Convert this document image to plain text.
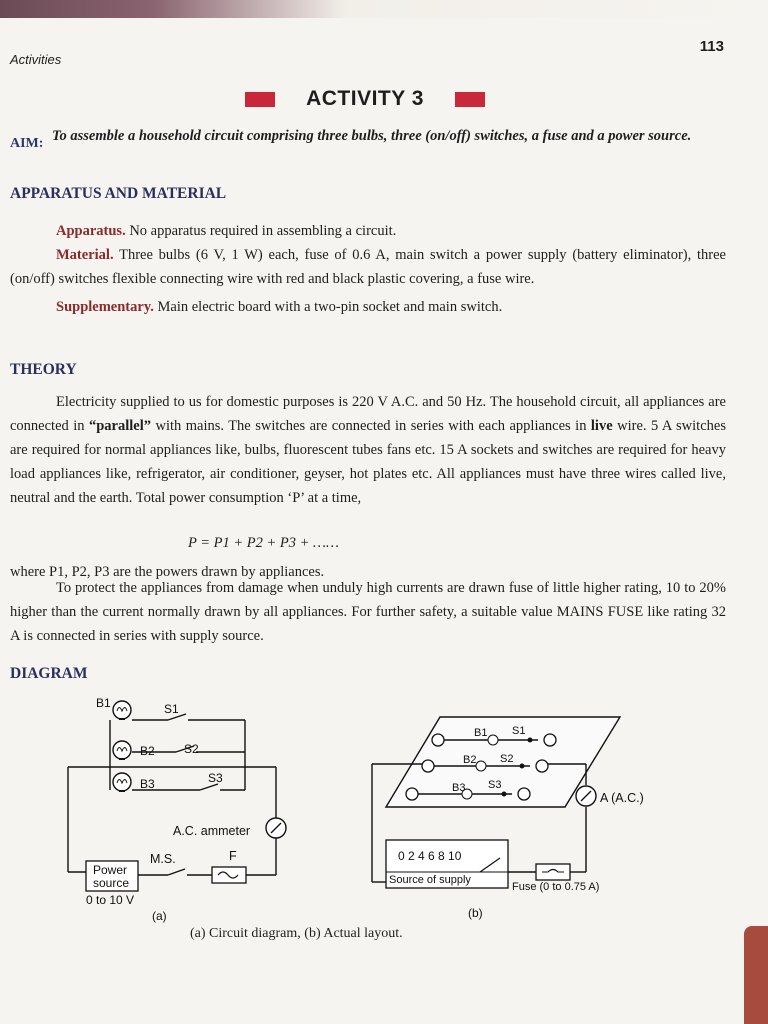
113
Activities
ACTIVITY 3
AIM: To assemble a household circuit comprising three bulbs, three (on/off) switches, a fuse and a power source.
APPARATUS AND MATERIAL
Apparatus. No apparatus required in assembling a circuit.
Material. Three bulbs (6 V, 1 W) each, fuse of 0.6 A, main switch a power supply (battery eliminator), three (on/off) switches flexible connecting wire with red and black plastic covering, a fuse wire.
Supplementary. Main electric board with a two-pin socket and main switch.
THEORY
Electricity supplied to us for domestic purposes is 220 V A.C. and 50 Hz. The household circuit, all appliances are connected in “parallel” with mains. The switches are connected in series with each appliances in live wire. 5 A switches are required for normal appliances like, bulbs, fluorescent tubes fans etc. 15 A sockets and switches are required for heavy load appliances like, refrigerator, air conditioner, geyser, hot plates etc. All appliances must have three wires called live, neutral and the earth. Total power consumption ‘P’ at a time,
P = P1 + P2 + P3 + ……
where P1, P2, P3 are the powers drawn by appliances.
To protect the appliances from damage when unduly high currents are drawn fuse of little higher rating, 10 to 20% higher than the current normally drawn by all appliances. For further safety, a suitable value MAINS FUSE like rating 32 A is connected in series with supply source.
DIAGRAM
B1	S1
B2 S2
B3	S3
A.C. ammeter
M.S.	F
Power
source
0 to 10 V
(a)
B1 S1
B2 S2
B3 S3
A (A.C.)
0 2 4 6 8 10
Source of supply
Fuse (0 to 0.75 A)
(b)
(a) Circuit diagram, (b) Actual layout.
